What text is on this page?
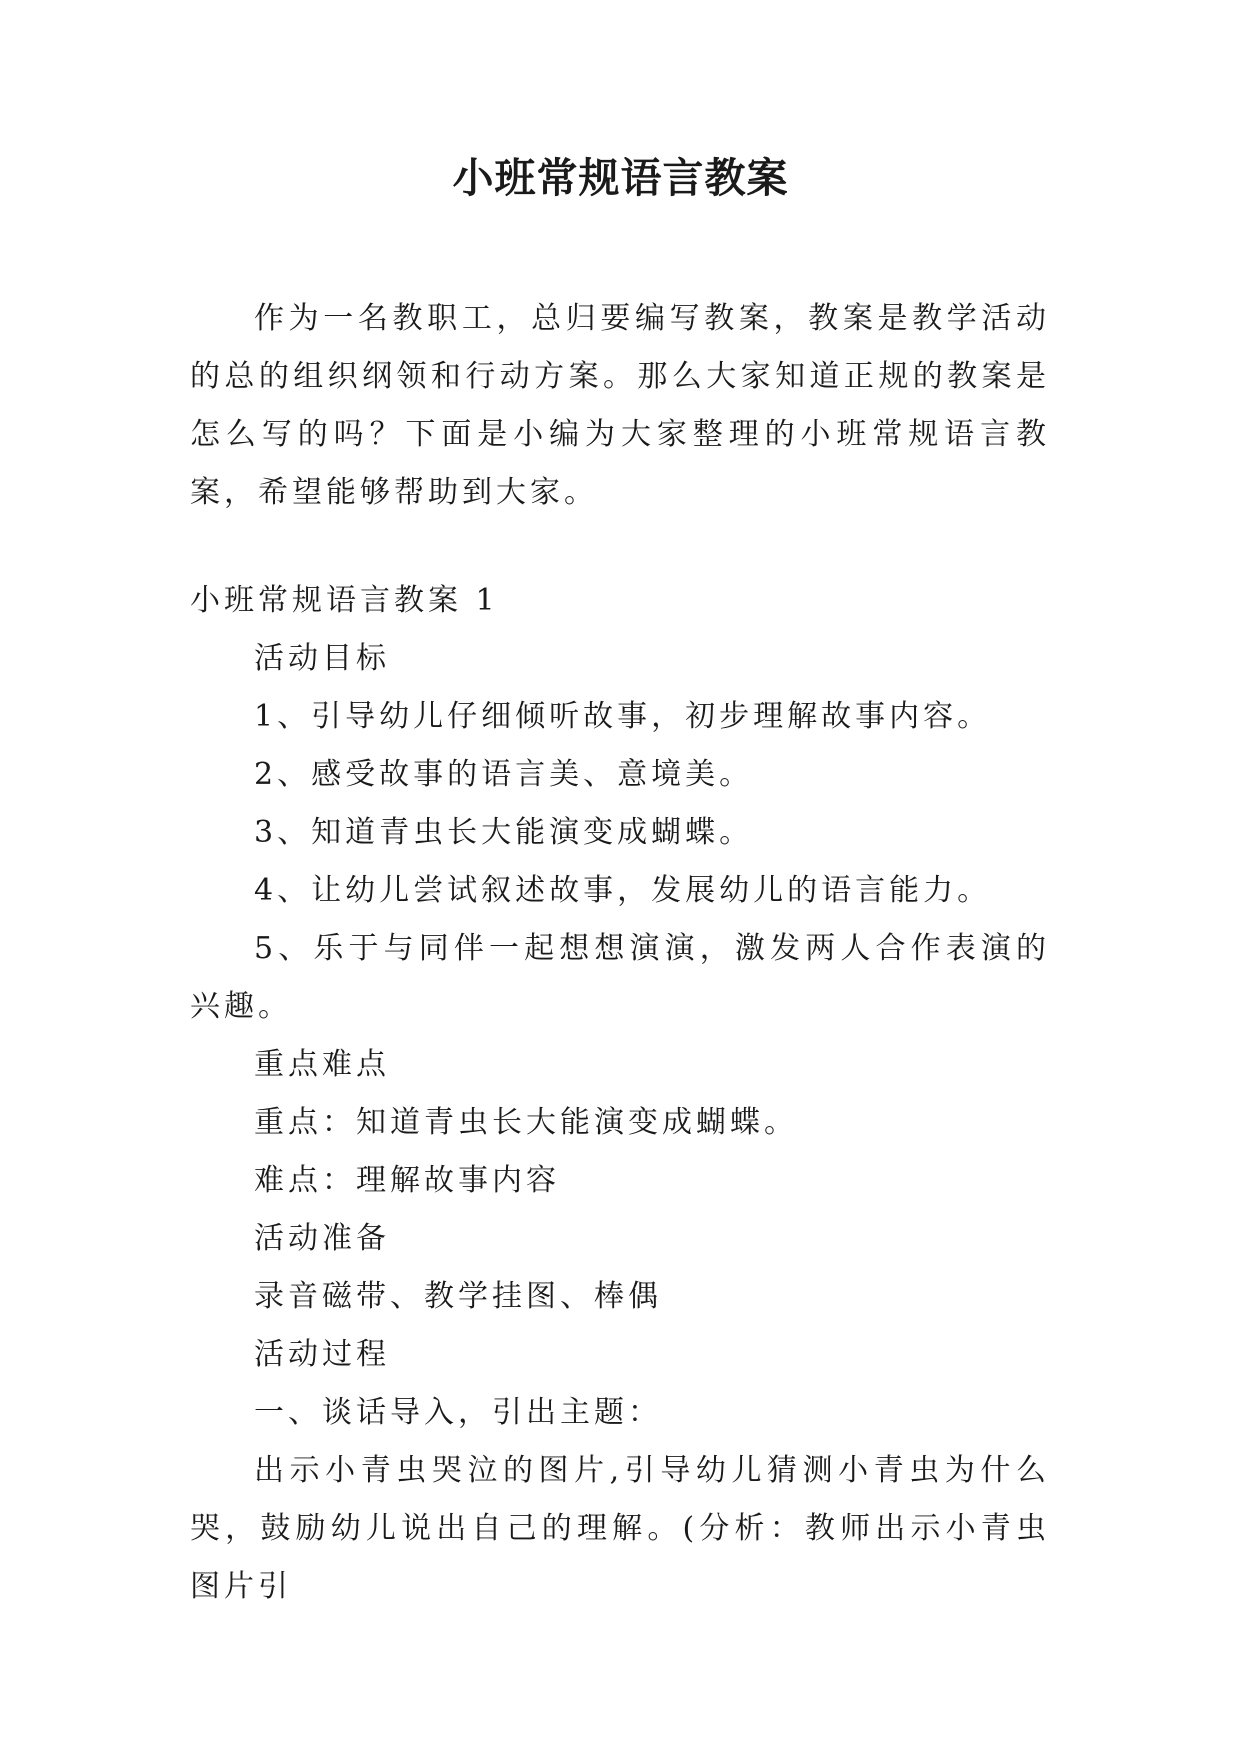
小班常规语言教案

作为一名教职工，总归要编写教案，教案是教学活动的总的组织纲领和行动方案。那么大家知道正规的教案是怎么写的吗？下面是小编为大家整理的小班常规语言教案，希望能够帮助到大家。

小班常规语言教案 1

活动目标

1、引导幼儿仔细倾听故事，初步理解故事内容。

2、感受故事的语言美、意境美。

3、知道青虫长大能演变成蝴蝶。

4、让幼儿尝试叙述故事，发展幼儿的语言能力。

5、乐于与同伴一起想想演演，激发两人合作表演的兴趣。

重点难点

重点：知道青虫长大能演变成蝴蝶。

难点：理解故事内容

活动准备

录音磁带、教学挂图、棒偶

活动过程

一、谈话导入，引出主题：

出示小青虫哭泣的图片,引导幼儿猜测小青虫为什么哭，鼓励幼儿说出自己的理解。(分析：教师出示小青虫图片引
